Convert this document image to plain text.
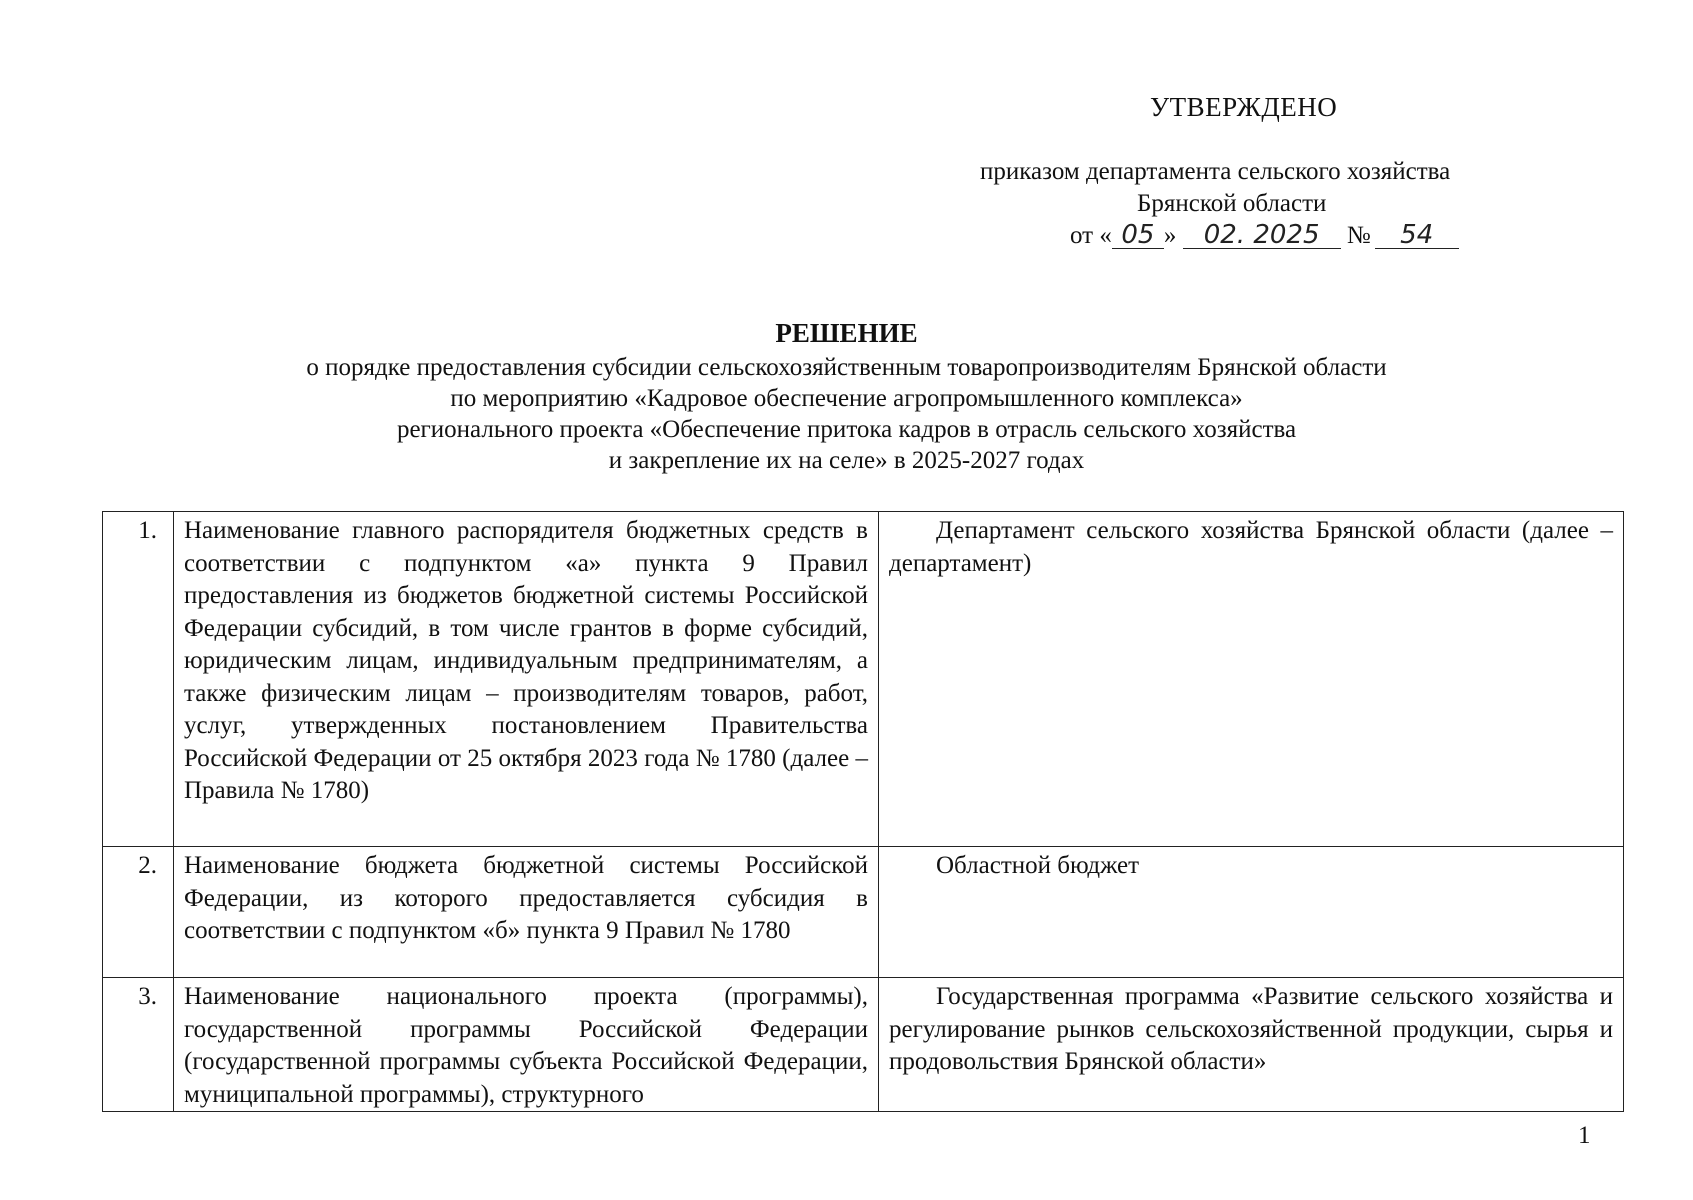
УТВЕРЖДЕНО
приказом департамента сельского хозяйства
Брянской области
от « 05 » 02. 2025 № 54
РЕШЕНИЕ
о порядке предоставления субсидии сельскохозяйственным товаропроизводителям Брянской области
по мероприятию «Кадровое обеспечение агропромышленного комплекса»
регионального проекта «Обеспечение притока кадров в отрасль сельского хозяйства
и закрепление их на селе» в 2025-2027 годах
1.	Наименование главного распорядителя бюджетных средств в соответствии с подпунктом «а» пункта 9 Правил предоставления из бюджетов бюджетной системы Российской Федерации субсидий, в том числе грантов в форме субсидий, юридическим лицам, индивидуальным предпринимателям, а также физическим лицам – производителям товаров, работ, услуг, утвержденных постановлением Правительства Российской Федерации от 25 октября 2023 года № 1780 (далее – Правила № 1780)	Департамент сельского хозяйства Брянской области (далее – департамент)
2.	Наименование бюджета бюджетной системы Российской Федерации, из которого предоставляется субсидия в соответствии с подпунктом «б» пункта 9 Правил № 1780	Областной бюджет
3.	Наименование национального проекта (программы), государственной программы Российской Федерации (государственной программы субъекта Российской Федерации, муниципальной программы), структурного	Государственная программа «Развитие сельского хозяйства и регулирование рынков сельскохозяйственной продукции, сырья и продовольствия Брянской области»
1
